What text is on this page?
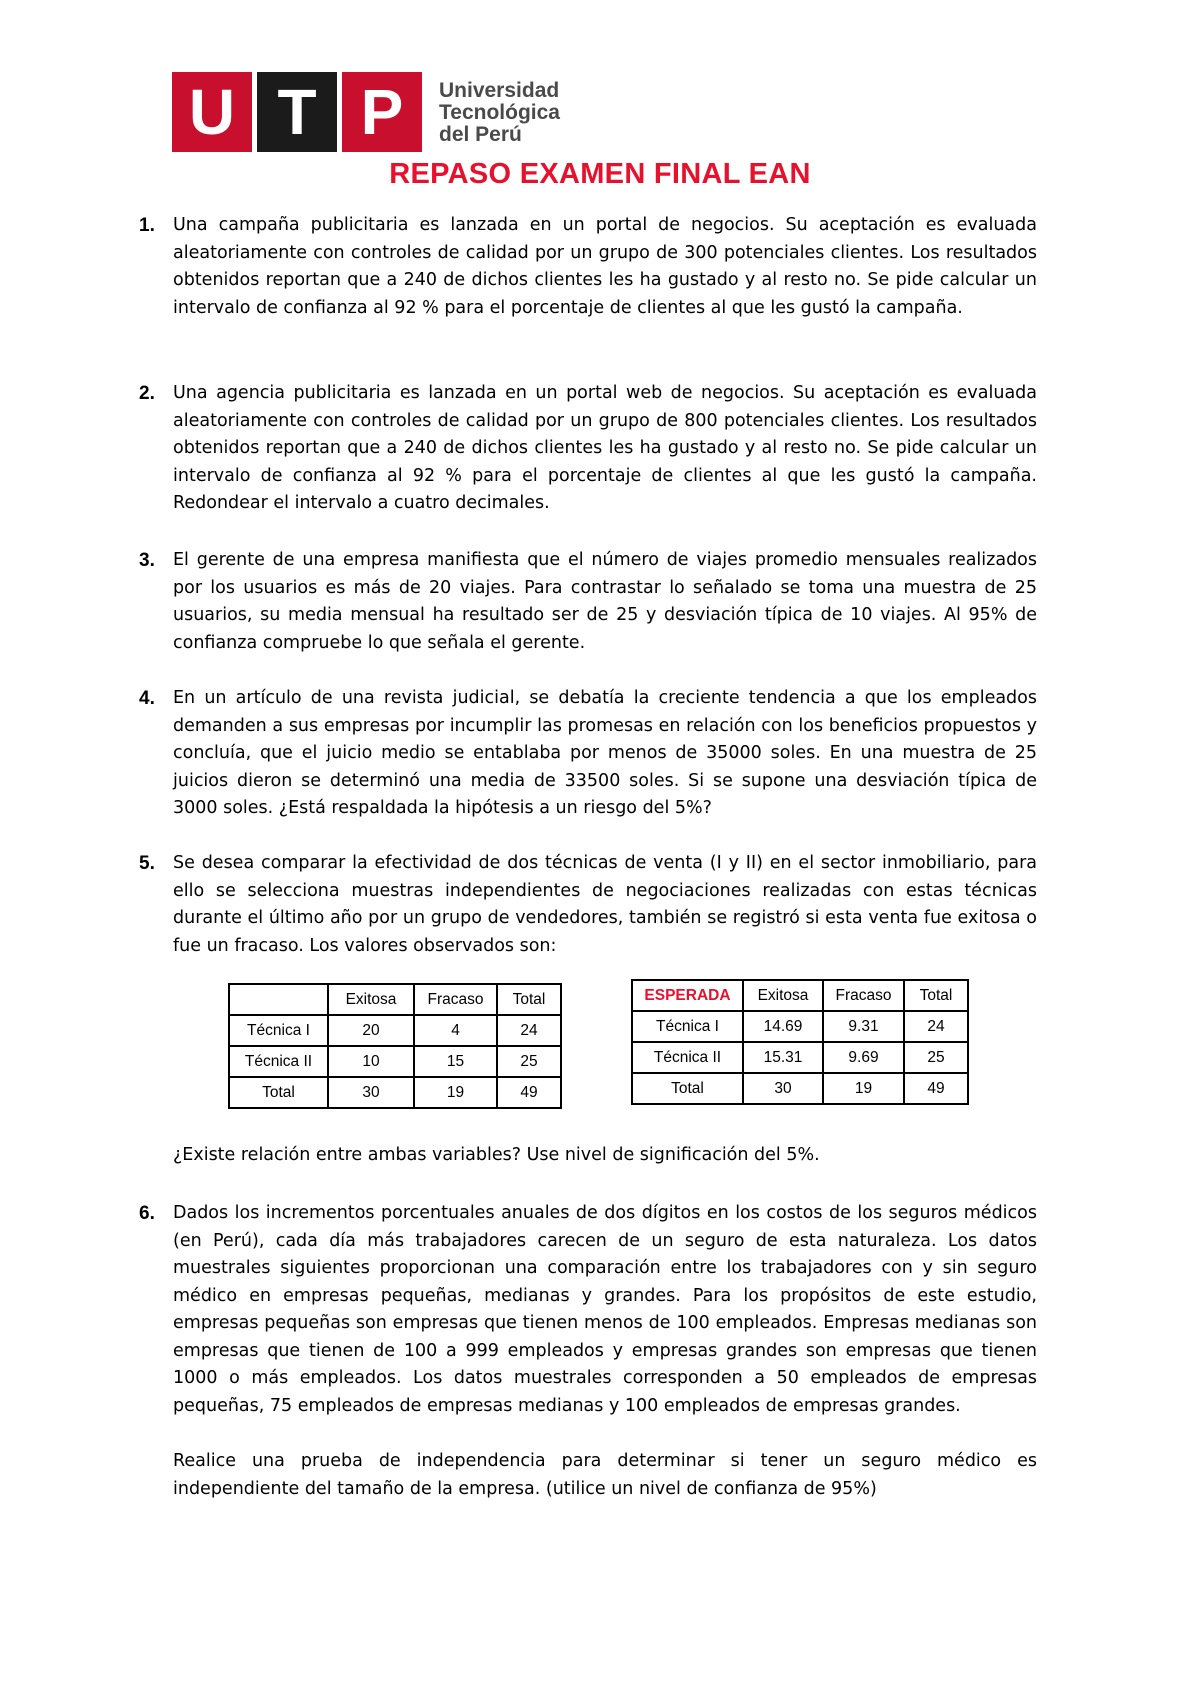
U T P	Universidad
Tecnológica
del Perú
REPASO EXAMEN FINAL EAN
1. Una campaña publicitaria es lanzada en un portal de negocios. Su aceptación es evaluada aleatoriamente con controles de calidad por un grupo de 300 potenciales clientes. Los resultados obtenidos reportan que a 240 de dichos clientes les ha gustado y al resto no. Se pide calcular un intervalo de confianza al 92 % para el porcentaje de clientes al que les gustó la campaña.
2. Una agencia publicitaria es lanzada en un portal web de negocios. Su aceptación es evaluada aleatoriamente con controles de calidad por un grupo de 800 potenciales clientes. Los resultados obtenidos reportan que a 240 de dichos clientes les ha gustado y al resto no. Se pide calcular un intervalo de confianza al 92 % para el porcentaje de clientes al que les gustó la campaña. Redondear el intervalo a cuatro decimales.
3. El gerente de una empresa manifiesta que el número de viajes promedio mensuales realizados por los usuarios es más de 20 viajes. Para contrastar lo señalado se toma una muestra de 25 usuarios, su media mensual ha resultado ser de 25 y desviación típica de 10 viajes. Al 95% de confianza compruebe lo que señala el gerente.
4. En un artículo de una revista judicial, se debatía la creciente tendencia a que los empleados demanden a sus empresas por incumplir las promesas en relación con los beneficios propuestos y concluía, que el juicio medio se entablaba por menos de 35000 soles. En una muestra de 25 juicios dieron se determinó una media de 33500 soles. Si se supone una desviación típica de 3000 soles. ¿Está respaldada la hipótesis a un riesgo del 5%?
5. Se desea comparar la efectividad de dos técnicas de venta (I y II) en el sector inmobiliario, para ello se selecciona muestras independientes de negociaciones realizadas con estas técnicas durante el último año por un grupo de vendedores, también se registró si esta venta fue exitosa o fue un fracaso. Los valores observados son:
	Exitosa	Fracaso	Total
Técnica I	20	4	24
Técnica II	10	15	25
Total	30	19	49
ESPERADA	Exitosa	Fracaso	Total
Técnica I	14.69	9.31	24
Técnica II	15.31	9.69	25
Total	30	19	49
¿Existe relación entre ambas variables? Use nivel de significación del 5%.
6. Dados los incrementos porcentuales anuales de dos dígitos en los costos de los seguros médicos (en Perú), cada día más trabajadores carecen de un seguro de esta naturaleza. Los datos muestrales siguientes proporcionan una comparación entre los trabajadores con y sin seguro médico en empresas pequeñas, medianas y grandes. Para los propósitos de este estudio, empresas pequeñas son empresas que tienen menos de 100 empleados. Empresas medianas son empresas que tienen de 100 a 999 empleados y empresas grandes son empresas que tienen 1000 o más empleados. Los datos muestrales corresponden a 50 empleados de empresas pequeñas, 75 empleados de empresas medianas y 100 empleados de empresas grandes.
Realice una prueba de independencia para determinar si tener un seguro médico es independiente del tamaño de la empresa. (utilice un nivel de confianza de 95%)
